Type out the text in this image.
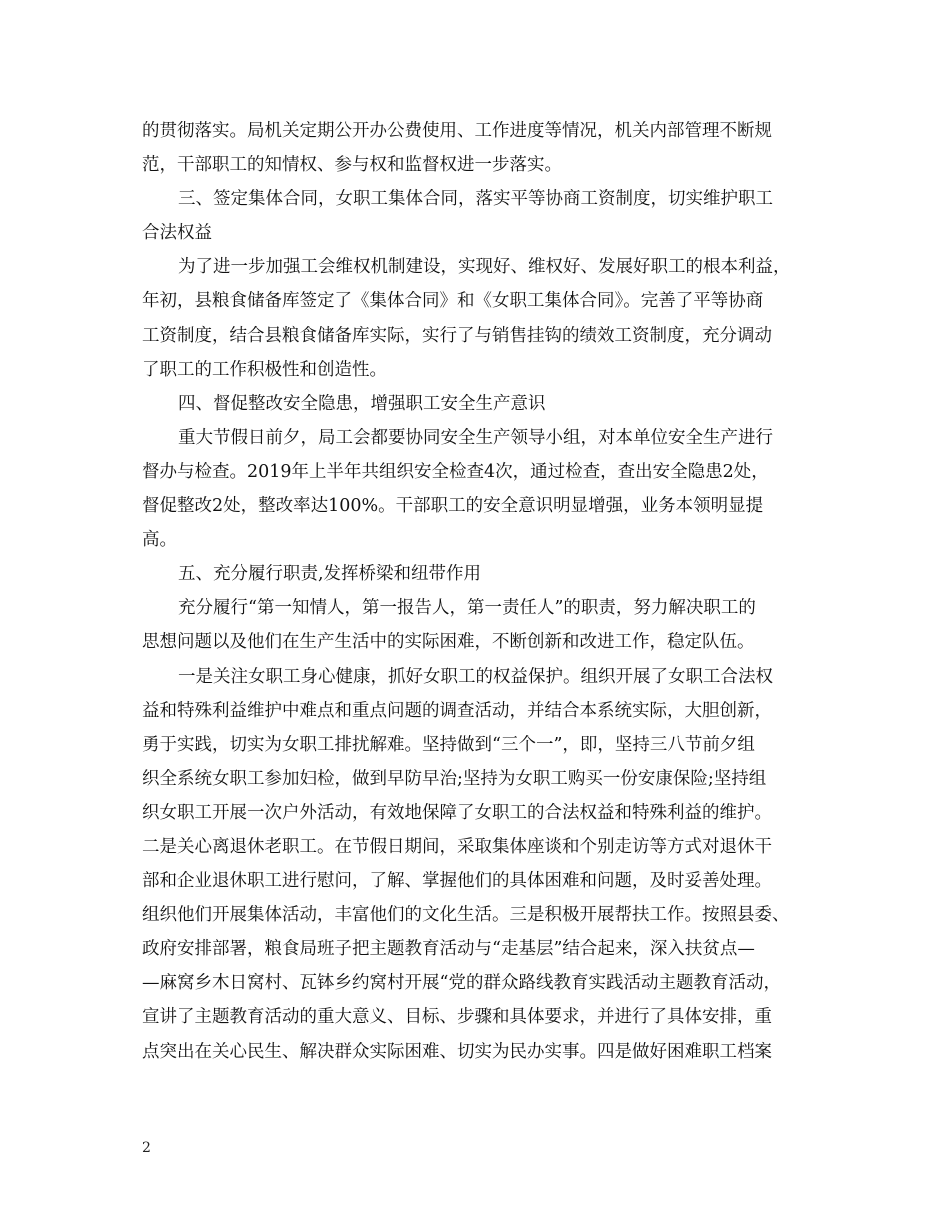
的贯彻落实。局机关定期公开办公费使用、工作进度等情况，机关内部管理不断规
范，干部职工的知情权、参与权和监督权进一步落实。
三、签定集体合同，女职工集体合同，落实平等协商工资制度，切实维护职工
合法权益
为了进一步加强工会维权机制建设，实现好、维权好、发展好职工的根本利益，
年初，县粮食储备库签定了《集体合同》和《女职工集体合同》。完善了平等协商
工资制度，结合县粮食储备库实际，实行了与销售挂钩的绩效工资制度，充分调动
了职工的工作积极性和创造性。
四、督促整改安全隐患，增强职工安全生产意识
重大节假日前夕，局工会都要协同安全生产领导小组，对本单位安全生产进行
督办与检查。2019年上半年共组织安全检查4次，通过检查，查出安全隐患2处，
督促整改2处，整改率达100%。干部职工的安全意识明显增强，业务本领明显提
高。
五、充分履行职责,发挥桥梁和纽带作用
充分履行“第一知情人，第一报告人，第一责任人”的职责，努力解决职工的
思想问题以及他们在生产生活中的实际困难，不断创新和改进工作，稳定队伍。
一是关注女职工身心健康，抓好女职工的权益保护。组织开展了女职工合法权
益和特殊利益维护中难点和重点问题的调查活动，并结合本系统实际，大胆创新，
勇于实践，切实为女职工排扰解难。坚持做到“三个一”，即，坚持三八节前夕组
织全系统女职工参加妇检，做到早防早治;坚持为女职工购买一份安康保险;坚持组
织女职工开展一次户外活动，有效地保障了女职工的合法权益和特殊利益的维护。
二是关心离退休老职工。在节假日期间，采取集体座谈和个别走访等方式对退休干
部和企业退休职工进行慰问，了解、掌握他们的具体困难和问题，及时妥善处理。
组织他们开展集体活动，丰富他们的文化生活。三是积极开展帮扶工作。按照县委、
政府安排部署，粮食局班子把主题教育活动与“走基层”结合起来，深入扶贫点—
—麻窝乡木日窝村、瓦钵乡约窝村开展“党的群众路线教育实践活动主题教育活动，
宣讲了主题教育活动的重大意义、目标、步骤和具体要求，并进行了具体安排，重
点突出在关心民生、解决群众实际困难、切实为民办实事。四是做好困难职工档案
2
